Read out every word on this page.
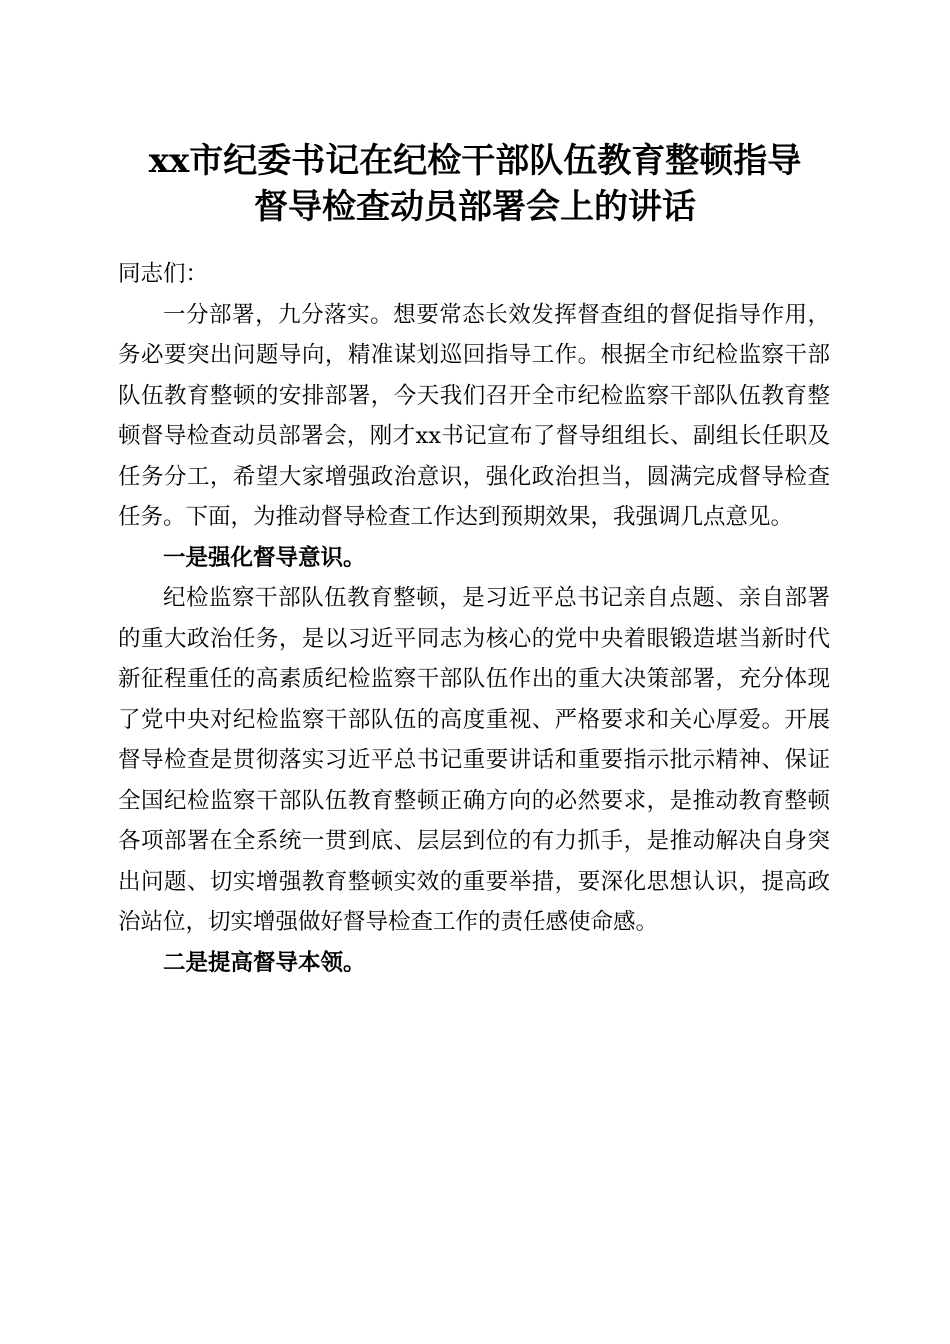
xx市纪委书记在纪检干部队伍教育整顿指导
督导检查动员部署会上的讲话

同志们：

一分部署，九分落实。想要常态长效发挥督查组的督促指导作用，务必要突出问题导向，精准谋划巡回指导工作。根据全市纪检监察干部队伍教育整顿的安排部署，今天我们召开全市纪检监察干部队伍教育整顿督导检查动员部署会，刚才xx书记宣布了督导组组长、副组长任职及任务分工，希望大家增强政治意识，强化政治担当，圆满完成督导检查任务。下面，为推动督导检查工作达到预期效果，我强调几点意见。

一是强化督导意识。

纪检监察干部队伍教育整顿，是习近平总书记亲自点题、亲自部署的重大政治任务，是以习近平同志为核心的党中央着眼锻造堪当新时代新征程重任的高素质纪检监察干部队伍作出的重大决策部署，充分体现了党中央对纪检监察干部队伍的高度重视、严格要求和关心厚爱。开展督导检查是贯彻落实习近平总书记重要讲话和重要指示批示精神、保证全国纪检监察干部队伍教育整顿正确方向的必然要求，是推动教育整顿各项部署在全系统一贯到底、层层到位的有力抓手，是推动解决自身突出问题、切实增强教育整顿实效的重要举措，要深化思想认识，提高政治站位，切实增强做好督导检查工作的责任感使命感。

二是提高督导本领。
